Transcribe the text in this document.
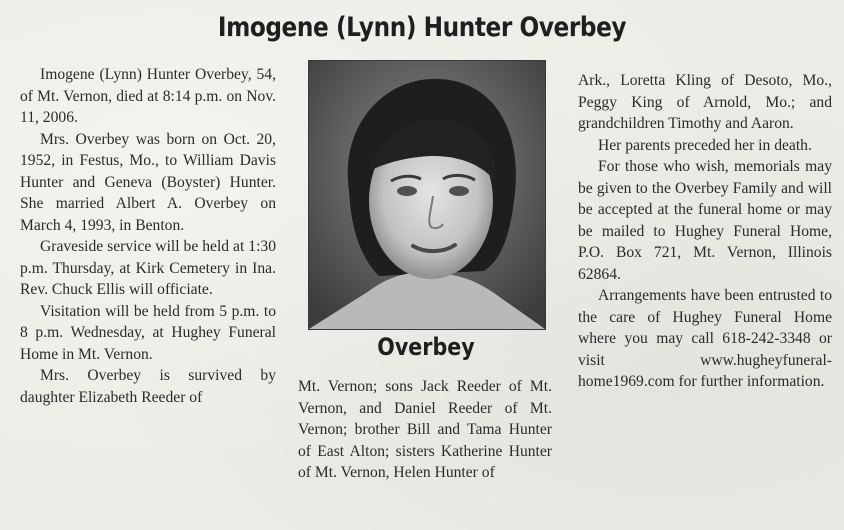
Imogene (Lynn) Hunter Overbey

Imogene (Lynn) Hunter Overbey, 54, of Mt. Vernon, died at 8:14 p.m. on Nov. 11, 2006.

Mrs. Overbey was born on Oct. 20, 1952, in Festus, Mo., to William Davis Hunter and Geneva (Boyster) Hunter. She married Albert A. Overbey on March 4, 1993, in Benton.

Graveside service will be held at 1:30 p.m. Thursday, at Kirk Cemetery in Ina. Rev. Chuck Ellis will officiate.

Visitation will be held from 5 p.m. to 8 p.m. Wednesday, at Hughey Funeral Home in Mt. Vernon.

Mrs. Overbey is survived by daughter Elizabeth Reeder of

Overbey

Mt. Vernon; sons Jack Reeder of Mt. Vernon, and Daniel Reeder of Mt. Vernon; brother Bill and Tama Hunter of East Alton; sisters Katherine Hunter of Mt. Vernon, Helen Hunter of

Ark., Loretta Kling of Desoto, Mo., Peggy King of Arnold, Mo.; and grandchildren Timothy and Aaron.

Her parents preceded her in death.

For those who wish, memorials may be given to the Overbey Family and will be accepted at the funeral home or may be mailed to Hughey Funeral Home, P.O. Box 721, Mt. Vernon, Illinois 62864.

Arrangements have been entrusted to the care of Hughey Funeral Home where you may call 618-242-3348 or visit www.hugheyfuneral-home1969.com for further information.
